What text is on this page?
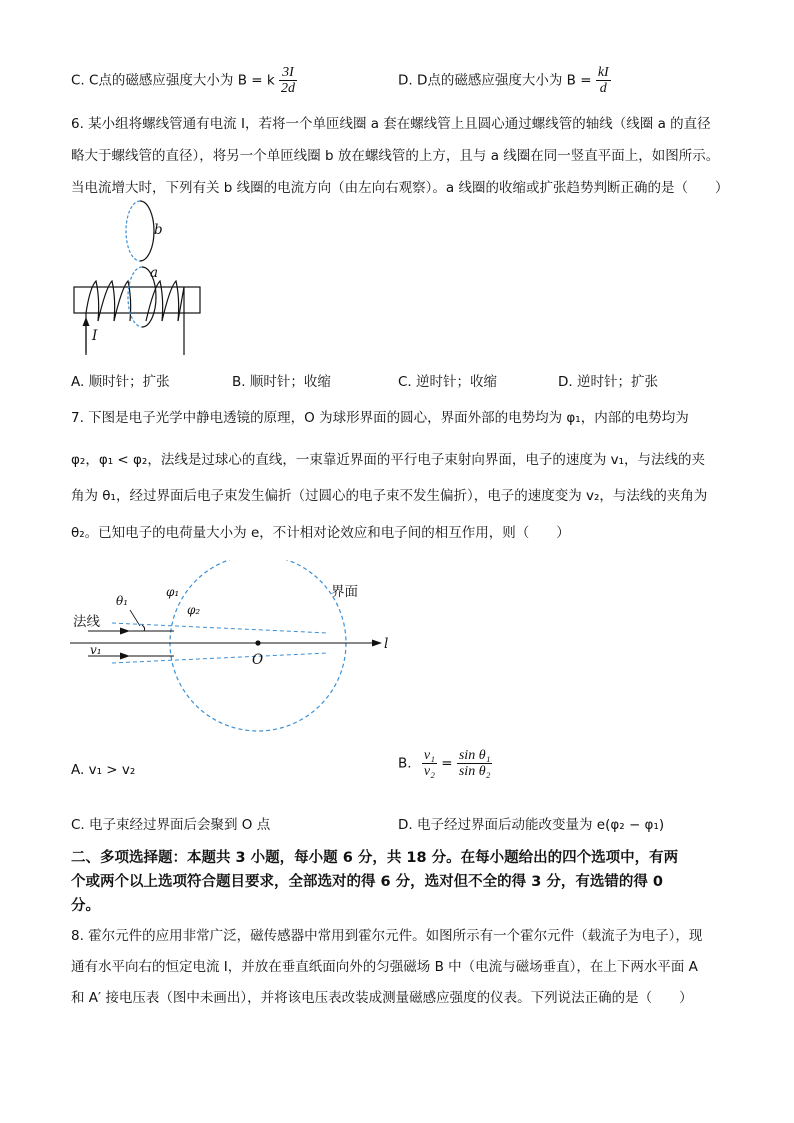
C. C点的磁感应强度大小为 B = k $\frac{3I}{2d}$	D. D点的磁感应强度大小为 $B = \frac{kI}{d}$
6. 某小组将螺线管通有电流 I，若将一个单匝线圈 a 套在螺线管上且圆心通过螺线管的轴线（线圈 a 的直径
略大于螺线管的直径），将另一个单匝线圈 b 放在螺线管的上方，且与 a 线圈在同一竖直平面上，如图所示。
当电流增大时，下列有关 b 线圈的电流方向（由左向右观察）。a 线圈的收缩或扩张趋势判断正确的是（　　）
b
a
I
A. 顺时针；扩张	B. 顺时针；收缩	C. 逆时针；收缩	D. 逆时针；扩张
7. 下图是电子光学中静电透镜的原理，O 为球形界面的圆心，界面外部的电势均为 φ₁，内部的电势均为
φ₂，φ₁ < φ₂，法线是过球心的直线，一束靠近界面的平行电子束射向界面，电子的速度为 v₁，与法线的夹
角为 θ₁，经过界面后电子束发生偏折（过圆心的电子束不发生偏折），电子的速度变为 v₂，与法线的夹角为
θ₂。已知电子的电荷量大小为 e，不计相对论效应和电子间的相互作用，则（　　）
界面
法线
θ₁
φ₁
φ₂
v₁
O
l
A. v₁ > v₂	B. $\frac{\text{v₁}}{\text{v₂}} = \frac{\text{sin θ₁}}{\text{sin θ₂}}$
C. 电子束经过界面后会聚到 O 点	D. 电子经过界面后动能改变量为 e(φ₂ − φ₁)
二、多项选择题：本题共 3 小题，每小题 6 分，共 18 分。在每小题给出的四个选项中，有两
个或两个以上选项符合题目要求，全部选对的得 6 分，选对但不全的得 3 分，有选错的得 0
分。
8. 霍尔元件的应用非常广泛，磁传感器中常用到霍尔元件。如图所示有一个霍尔元件（载流子为电子），现
通有水平向右的恒定电流 I，并放在垂直纸面向外的匀强磁场 B 中（电流与磁场垂直），在上下两水平面 A
和 A′ 接电压表（图中未画出），并将该电压表改装成测量磁感应强度的仪表。下列说法正确的是（　　）
